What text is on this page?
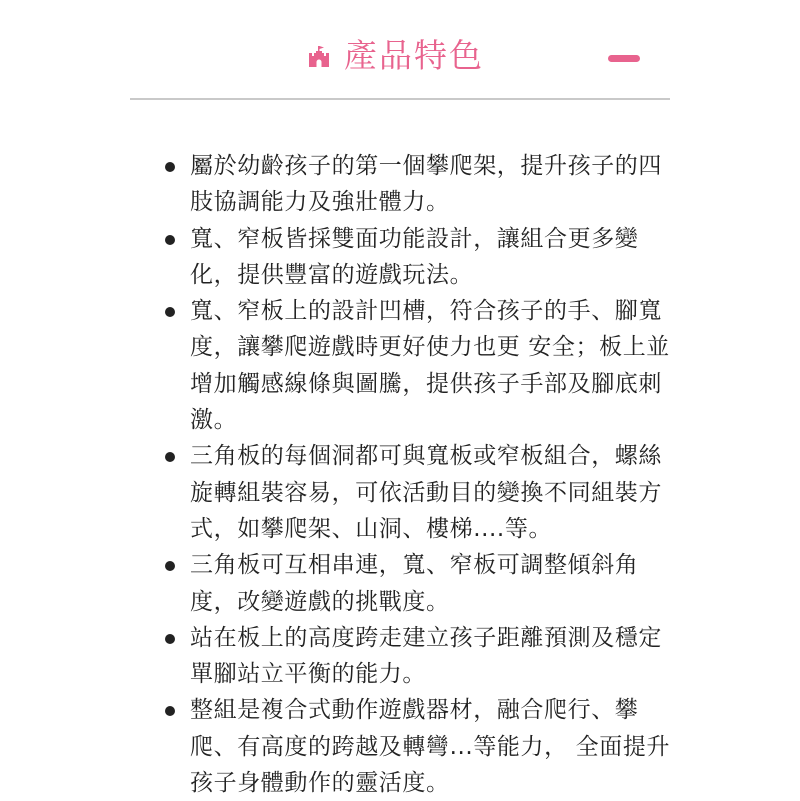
產品特色
屬於幼齡孩子的第一個攀爬架，提升孩子的四肢協調能力及強壯體力。
寬、窄板皆採雙面功能設計，讓組合更多變化，提供豐富的遊戲玩法。
寬、窄板上的設計凹槽，符合孩子的手、腳寬度，讓攀爬遊戲時更好使力也更 安全；板上並增加觸感線條與圖騰，提供孩子手部及腳底刺激。
三角板的每個洞都可與寬板或窄板組合，螺絲旋轉組裝容易，可依活動目的變換不同組裝方式，如攀爬架、山洞、樓梯....等。
三角板可互相串連，寬、窄板可調整傾斜角度，改變遊戲的挑戰度。
站在板上的高度跨走建立孩子距離預測及穩定單腳站立平衡的能力。
整組是複合式動作遊戲器材，融合爬行、攀爬、有高度的跨越及轉彎...等能力， 全面提升孩子身體動作的靈活度。
